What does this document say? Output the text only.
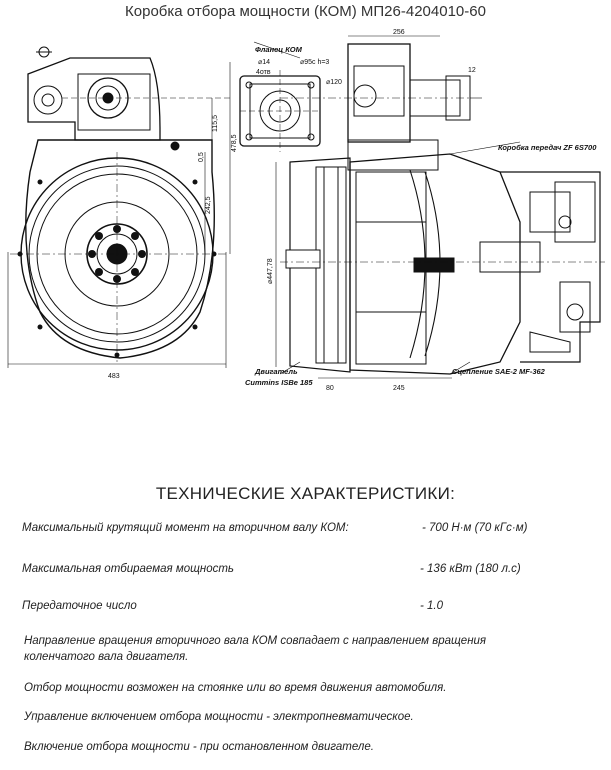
Коробка отбора мощности (КОМ) МП26-4204010-60
Фланец КОМ
Двигатель
Cummins ISBe 185
Коробка передач ZF 6S700
Сцепление SAE-2 MF-362
483
478,5
115,5
242,5
0,5
256
12
⌀120
⌀14
4отв
⌀95с h=3
⌀447,78
80	245
ТЕХНИЧЕСКИЕ ХАРАКТЕРИСТИКИ:
Максимальный крутящий момент на вторичном валу КОМ:	- 700 Н·м (70 кГс·м)
Максимальная отбираемая мощность	- 136 кВт (180 л.с)
Передаточное число	- 1.0
Направление вращения вторичного вала КОМ совпадает с направлением вращения
коленчатого вала двигателя.
Отбор мощности возможен на стоянке или во время движения автомобиля.
Управление включением отбора мощности - электропневматическое.
Включение отбора мощности - при остановленном двигателе.
